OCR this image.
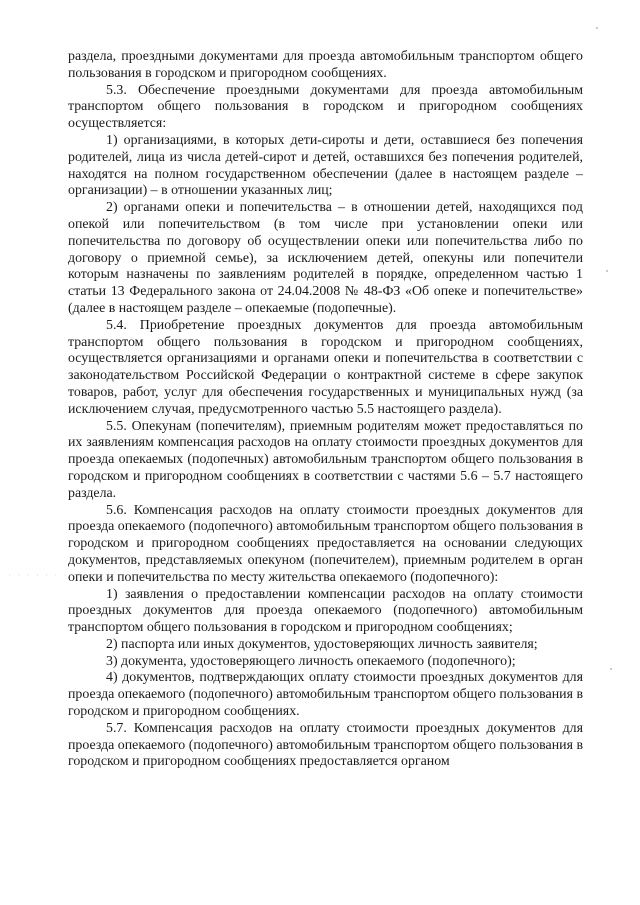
раздела, проездными документами для проезда автомобильным транспортом общего пользования в городском и пригородном сообщениях.

5.3. Обеспечение проездными документами для проезда автомобильным транспортом общего пользования в городском и пригородном сообщениях осуществляется:

1) организациями, в которых дети-сироты и дети, оставшиеся без попечения родителей, лица из числа детей-сирот и детей, оставшихся без попечения родителей, находятся на полном государственном обеспечении (далее в настоящем разделе – организации) – в отношении указанных лиц;

2) органами опеки и попечительства – в отношении детей, находящихся под опекой или попечительством (в том числе при установлении опеки или попечительства по договору об осуществлении опеки или попечительства либо по договору о приемной семье), за исключением детей, опекуны или попечители которым назначены по заявлениям родителей в порядке, определенном частью 1 статьи 13 Федерального закона от 24.04.2008 № 48-ФЗ «Об опеке и попечительстве» (далее в настоящем разделе – опекаемые (подопечные).

5.4. Приобретение проездных документов для проезда автомобильным транспортом общего пользования в городском и пригородном сообщениях, осуществляется организациями и органами опеки и попечительства в соответствии с законодательством Российской Федерации о контрактной системе в сфере закупок товаров, работ, услуг для обеспечения государственных и муниципальных нужд (за исключением случая, предусмотренного частью 5.5 настоящего раздела).

5.5. Опекунам (попечителям), приемным родителям может предоставляться по их заявлениям компенсация расходов на оплату стоимости проездных документов для проезда опекаемых (подопечных) автомобильным транспортом общего пользования в городском и пригородном сообщениях в соответствии с частями 5.6 – 5.7 настоящего раздела.

5.6. Компенсация расходов на оплату стоимости проездных документов для проезда опекаемого (подопечного) автомобильным транспортом общего пользования в городском и пригородном сообщениях предоставляется на основании следующих документов, представляемых опекуном (попечителем), приемным родителем в орган опеки и попечительства по месту жительства опекаемого (подопечного):

1) заявления о предоставлении компенсации расходов на оплату стоимости проездных документов для проезда опекаемого (подопечного) автомобильным транспортом общего пользования в городском и пригородном сообщениях;

2) паспорта или иных документов, удостоверяющих личность заявителя;

3) документа, удостоверяющего личность опекаемого (подопечного);

4) документов, подтверждающих оплату стоимости проездных документов для проезда опекаемого (подопечного) автомобильным транспортом общего пользования в городском и пригородном сообщениях.

5.7. Компенсация расходов на оплату стоимости проездных документов для проезда опекаемого (подопечного) автомобильным транспортом общего пользования в городском и пригородном сообщениях предоставляется органом

· · · · · · · · ·
